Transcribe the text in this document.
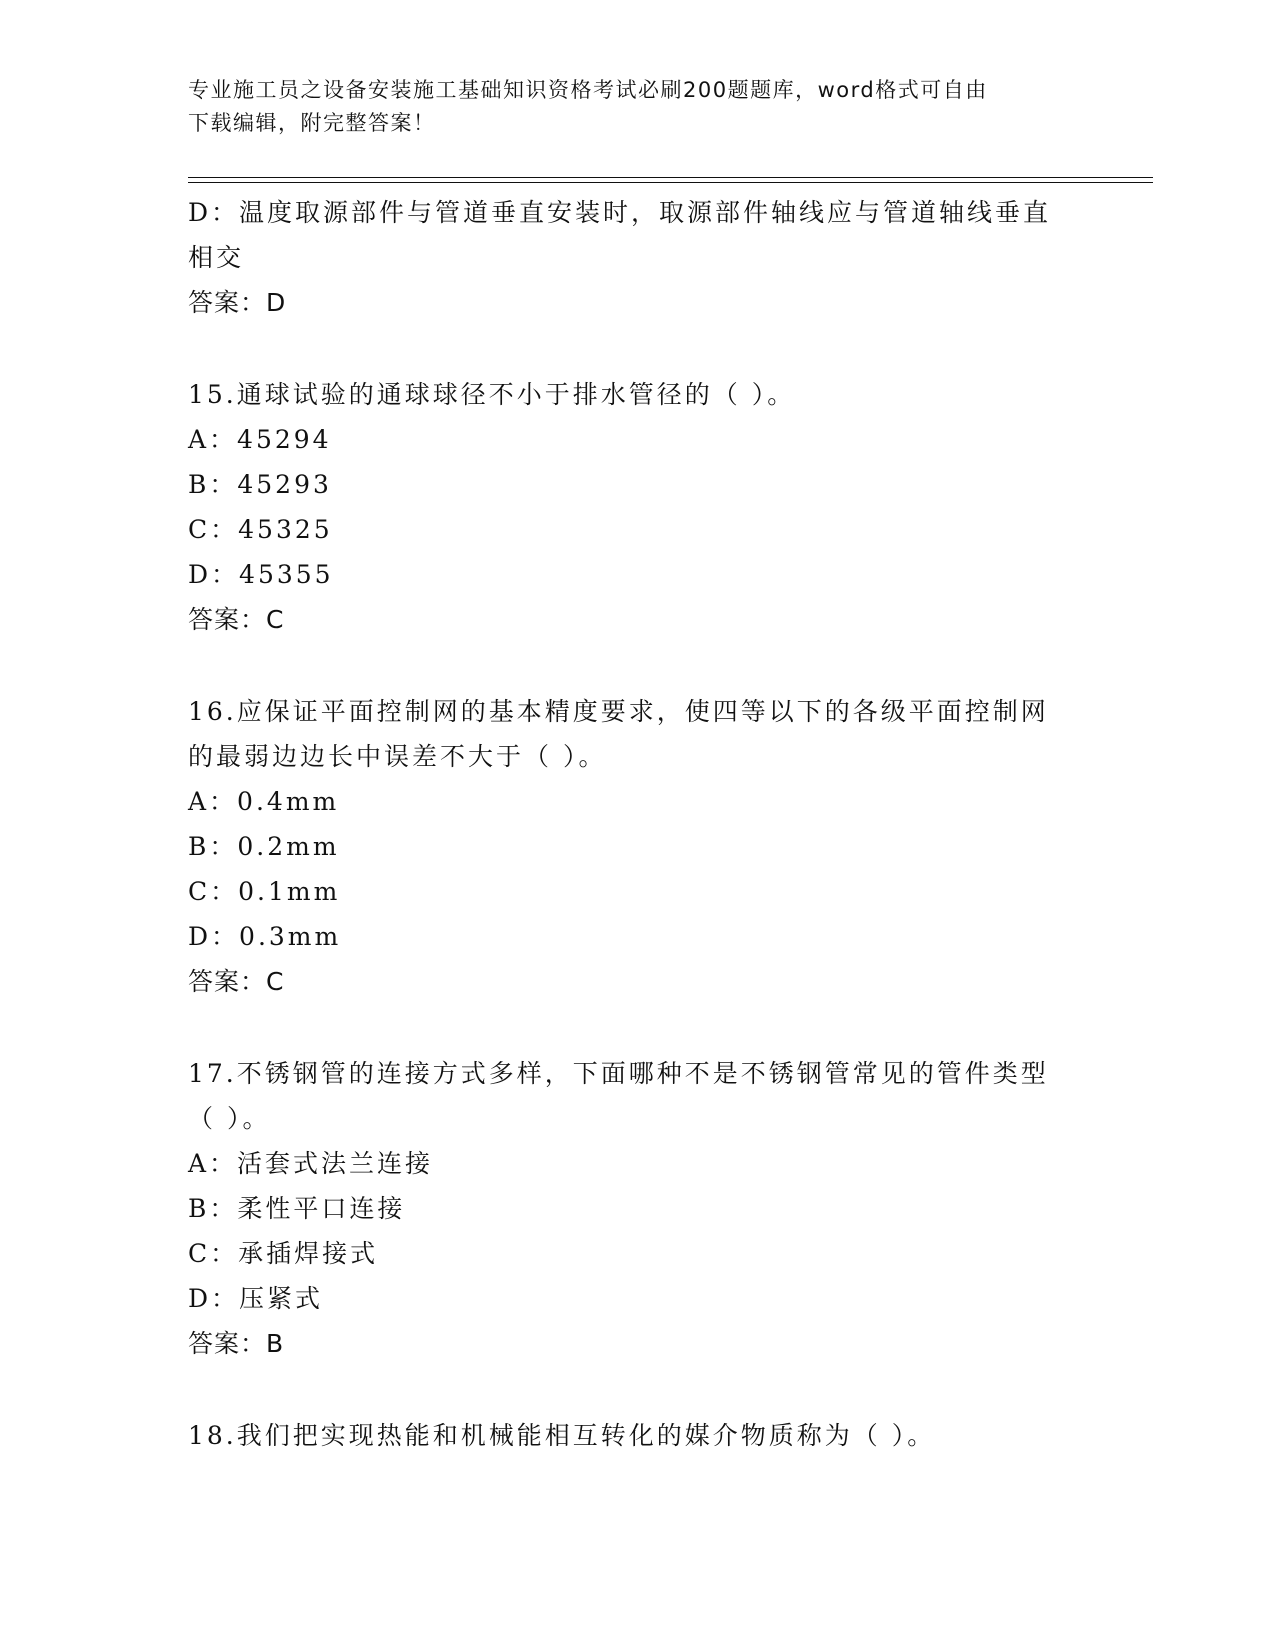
专业施工员之设备安装施工基础知识资格考试必刷200题题库，word格式可自由
下载编辑，附完整答案！
D：温度取源部件与管道垂直安装时，取源部件轴线应与管道轴线垂直
相交
答案：D
15.通球试验的通球球径不小于排水管径的（ ）。
A：45294
B：45293
C：45325
D：45355
答案：C
16.应保证平面控制网的基本精度要求，使四等以下的各级平面控制网
的最弱边边长中误差不大于（ ）。
A：0.4mm
B：0.2mm
C：0.1mm
D：0.3mm
答案：C
17.不锈钢管的连接方式多样，下面哪种不是不锈钢管常见的管件类型
（ ）。
A：活套式法兰连接
B：柔性平口连接
C：承插焊接式
D：压紧式
答案：B
18.我们把实现热能和机械能相互转化的媒介物质称为（ ）。
